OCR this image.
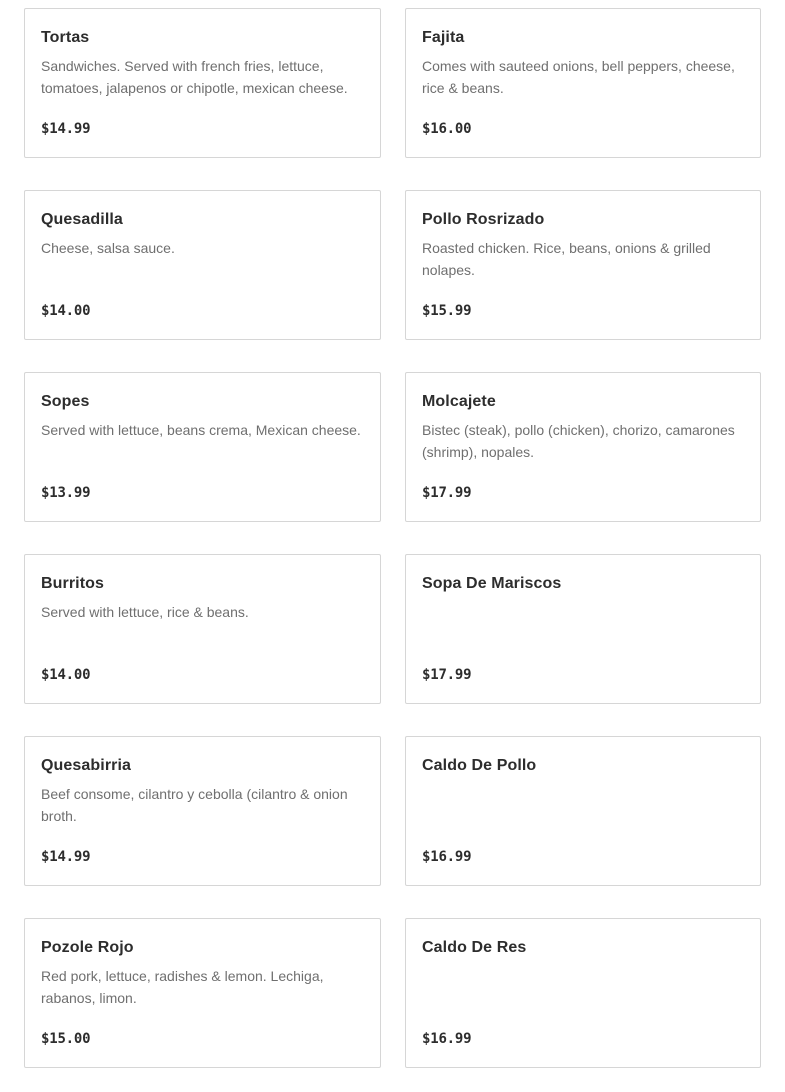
Tortas
Sandwiches. Served with french fries, lettuce, tomatoes, jalapenos or chipotle, mexican cheese.
$14.99
Fajita
Comes with sauteed onions, bell peppers, cheese, rice & beans.
$16.00
Quesadilla
Cheese, salsa sauce.
$14.00
Pollo Rosrizado
Roasted chicken. Rice, beans, onions & grilled nolapes.
$15.99
Sopes
Served with lettuce, beans crema, Mexican cheese.
$13.99
Molcajete
Bistec (steak), pollo (chicken), chorizo, camarones (shrimp), nopales.
$17.99
Burritos
Served with lettuce, rice & beans.
$14.00
Sopa De Mariscos
$17.99
Quesabirria
Beef consome, cilantro y cebolla (cilantro & onion broth.
$14.99
Caldo De Pollo
$16.99
Pozole Rojo
Red pork, lettuce, radishes & lemon. Lechiga, rabanos, limon.
$15.00
Caldo De Res
$16.99
